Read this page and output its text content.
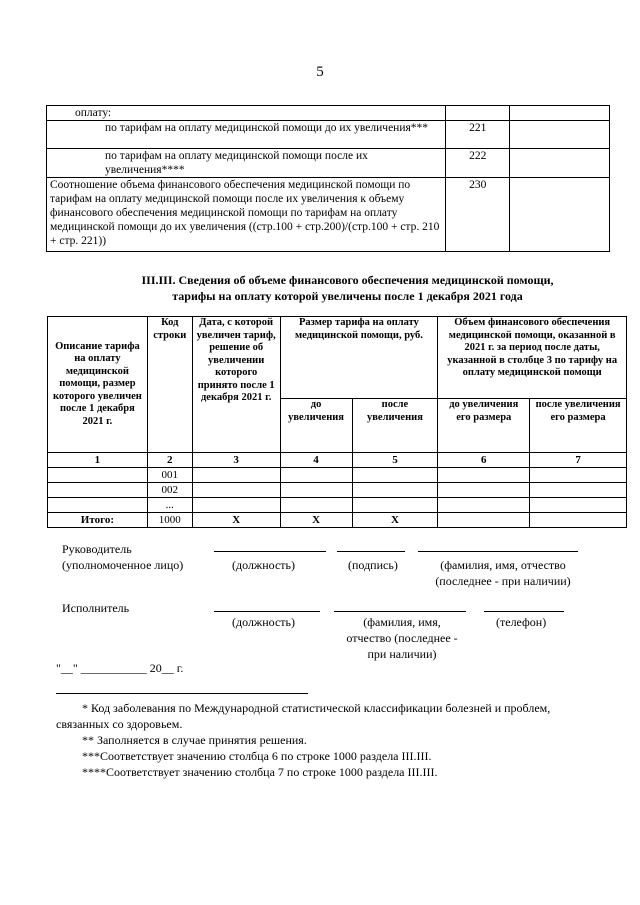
5
оплату:		
по тарифам на оплату медицинской помощи до их увеличения***	221	
по тарифам на оплату медицинской помощи после их увеличения****	222	
Соотношение объема финансового обеспечения медицинской помощи по тарифам на оплату медицинской помощи после их увеличения к объему финансового обеспечения медицинской помощи по тарифам на оплату медицинской помощи до их увеличения ((стр.100 + стр.200)/(стр.100 + стр. 210 + стр. 221))	230	
III.III. Сведения об объеме финансового обеспечения медицинской помощи,
тарифы на оплату которой увеличены после 1 декабря 2021 года
Описание тарифа на оплату медицинской помощи, размер которого увеличен после 1 декабря 2021 г.	Код строки	Дата, с которой увеличен тариф, решение об увеличении которого принято после 1 декабря 2021 г.	Размер тарифа на оплату медицинской помощи, руб.		Объем финансового обеспечения медицинской помощи, оказанной в 2021 г. за период после даты, указанной в столбце 3 по тарифу на оплату медицинской помощи	
			до увеличения	после увеличения	до увеличения его размера	после увеличения его размера
1	2	3	4	5	6	7
	001					
	002					
	...					
Итого:	1000	X	X	X		
Руководитель
(уполномоченное лицо)	(должность)	(подпись)	(фамилия, имя, отчество
(последнее - при наличии)
Исполнитель
(должность)	(фамилия, имя,
отчество (последнее -
при наличии)
(телефон)
"__" ___________ 20__ г.
* Код заболевания по Международной статистической классификации болезней и проблем,
связанных со здоровьем.
** Заполняется в случае принятия решения.
***Соответствует значению столбца 6 по строке 1000 раздела III.III.
****Соответствует значению столбца 7 по строке 1000 раздела III.III.
